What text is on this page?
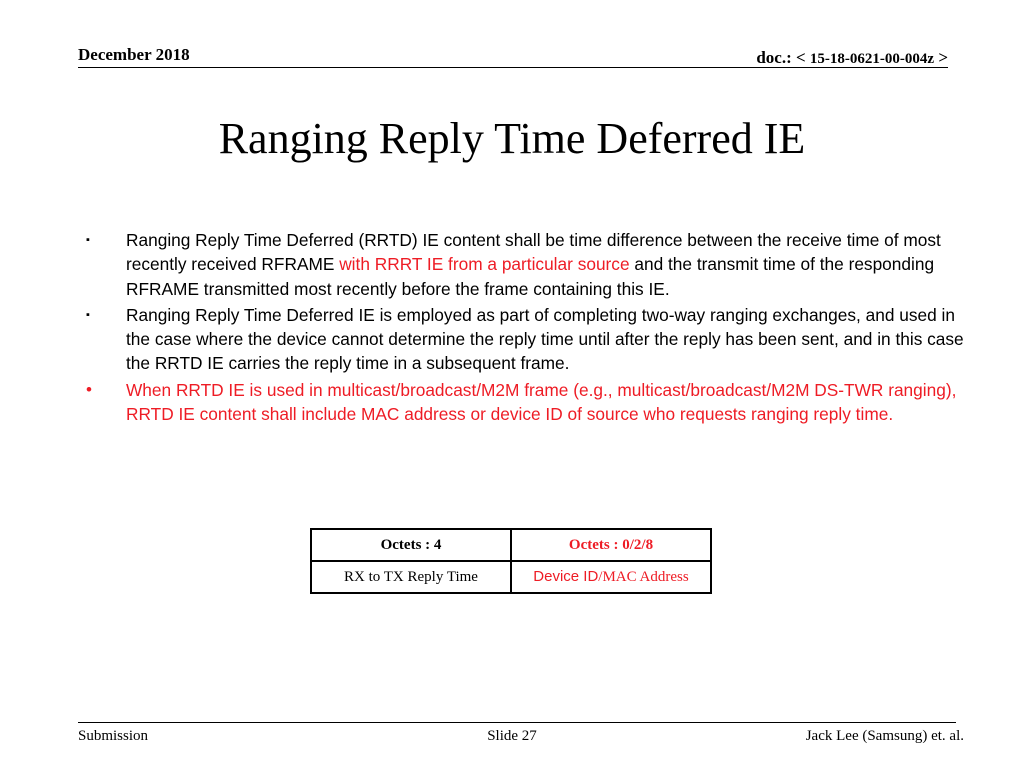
December 2018	doc.: < 15-18-0621-00-004z >
Ranging Reply Time Deferred IE
▪	Ranging Reply Time Deferred (RRTD) IE content shall be time difference between the receive time of most recently received RFRAME with RRRT IE from a particular source and the transmit time of the responding RFRAME transmitted most recently before the frame containing this IE.
▪	Ranging Reply Time Deferred IE is employed as part of completing two-way ranging exchanges, and used in the case where the device cannot determine the reply time until after the reply has been sent, and in this case the RRTD IE carries the reply time in a subsequent frame.
•	When RRTD IE is used in multicast/broadcast/M2M frame (e.g., multicast/broadcast/M2M DS-TWR ranging), RRTD IE content shall include MAC address or device ID of source who requests ranging reply time.
Octets : 4	Octets : 0/2/8
RX to TX Reply Time	Device ID/MAC Address
Submission	Slide 27	Jack Lee (Samsung) et. al.
